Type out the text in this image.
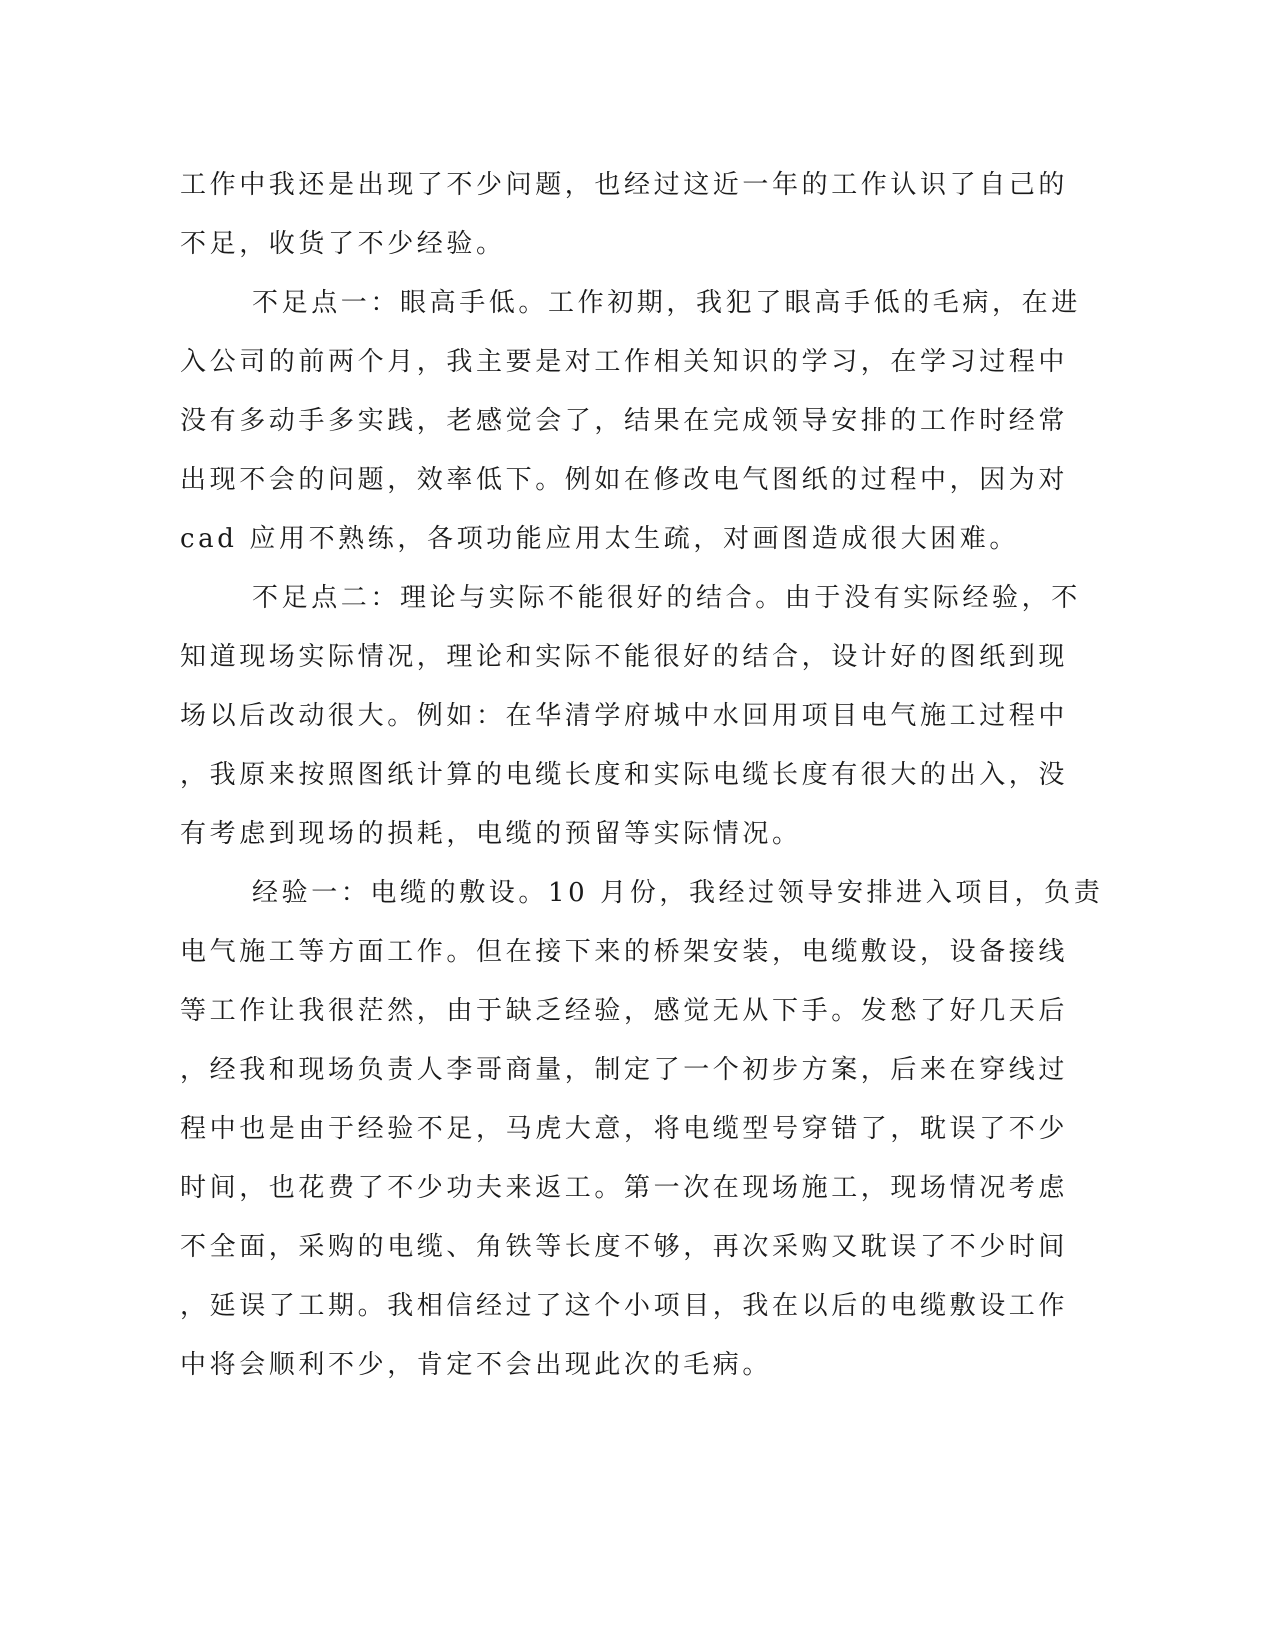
工作中我还是出现了不少问题，也经过这近一年的工作认识了自己的
不足，收货了不少经验。
不足点一：眼高手低。工作初期，我犯了眼高手低的毛病，在进
入公司的前两个月，我主要是对工作相关知识的学习，在学习过程中
没有多动手多实践，老感觉会了，结果在完成领导安排的工作时经常
出现不会的问题，效率低下。例如在修改电气图纸的过程中，因为对
cad 应用不熟练，各项功能应用太生疏，对画图造成很大困难。
不足点二：理论与实际不能很好的结合。由于没有实际经验，不
知道现场实际情况，理论和实际不能很好的结合，设计好的图纸到现
场以后改动很大。例如：在华清学府城中水回用项目电气施工过程中
，我原来按照图纸计算的电缆长度和实际电缆长度有很大的出入，没
有考虑到现场的损耗，电缆的预留等实际情况。
经验一：电缆的敷设。10 月份，我经过领导安排进入项目，负责
电气施工等方面工作。但在接下来的桥架安装，电缆敷设，设备接线
等工作让我很茫然，由于缺乏经验，感觉无从下手。发愁了好几天后
，经我和现场负责人李哥商量，制定了一个初步方案，后来在穿线过
程中也是由于经验不足，马虎大意，将电缆型号穿错了，耽误了不少
时间，也花费了不少功夫来返工。第一次在现场施工，现场情况考虑
不全面，采购的电缆、角铁等长度不够，再次采购又耽误了不少时间
，延误了工期。我相信经过了这个小项目，我在以后的电缆敷设工作
中将会顺利不少，肯定不会出现此次的毛病。
